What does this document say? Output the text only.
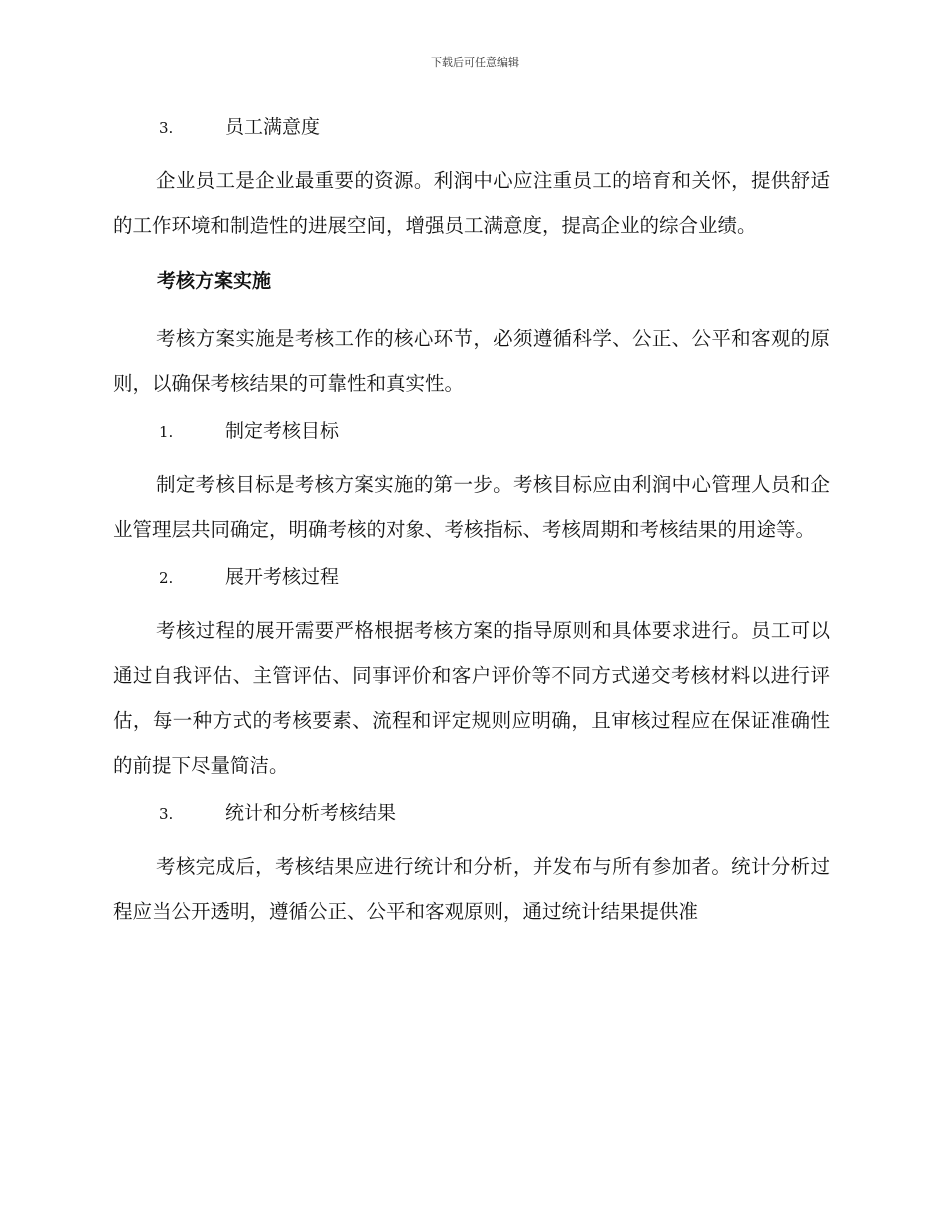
下载后可任意编辑
3.	员工满意度

企业员工是企业最重要的资源。利润中心应注重员工的培育和关怀，提供舒适的工作环境和制造性的进展空间，增强员工满意度，提高企业的综合业绩。

考核方案实施

考核方案实施是考核工作的核心环节，必须遵循科学、公正、公平和客观的原则，以确保考核结果的可靠性和真实性。

1.	制定考核目标

制定考核目标是考核方案实施的第一步。考核目标应由利润中心管理人员和企业管理层共同确定，明确考核的对象、考核指标、考核周期和考核结果的用途等。

2.	展开考核过程

考核过程的展开需要严格根据考核方案的指导原则和具体要求进行。员工可以通过自我评估、主管评估、同事评价和客户评价等不同方式递交考核材料以进行评估，每一种方式的考核要素、流程和评定规则应明确，且审核过程应在保证准确性的前提下尽量简洁。

3.	统计和分析考核结果

考核完成后，考核结果应进行统计和分析，并发布与所有参加者。统计分析过程应当公开透明，遵循公正、公平和客观原则，通过统计结果提供准
